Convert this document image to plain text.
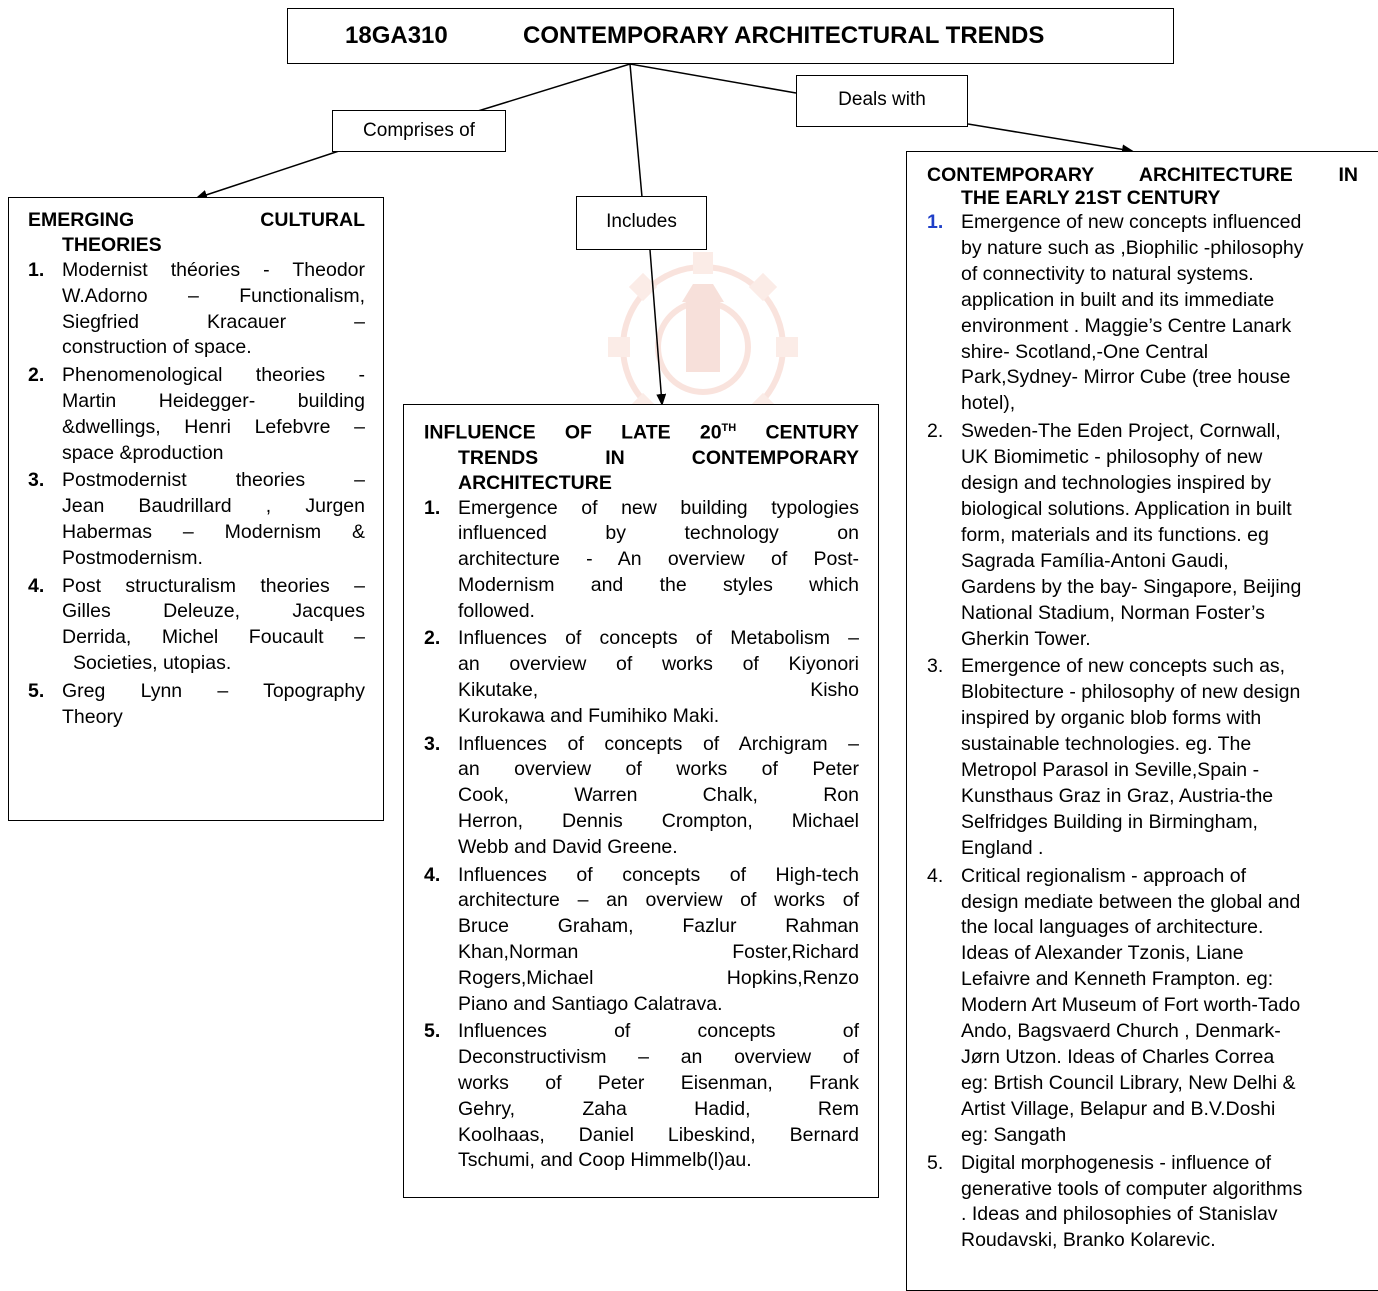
18GA310	CONTEMPORARY ARCHITECTURAL TRENDS
Comprises of
Includes
Deals with
EMERGING CULTURAL
THEORIES
1. Modernist théories - Theodor
W.Adorno – Functionalism,
Siegfried Kracauer –
construction of space.
2. Phenomenological theories -
Martin Heidegger- building
&dwellings, Henri Lefebvre –
space &production
3. Postmodernist theories –
Jean Baudrillard , Jurgen
Habermas – Modernism &
Postmodernism.
4. Post structuralism theories –
Gilles Deleuze, Jacques
Derrida, Michel Foucault –
Societies, utopias.
5. Greg Lynn – Topography
Theory
INFLUENCE OF LATE 20TH CENTURY
TRENDS IN CONTEMPORARY
ARCHITECTURE
1. Emergence of new building typologies
influenced by technology on
architecture - An overview of Post-
Modernism and the styles which
followed.
2. Influences of concepts of Metabolism –
an overview of works of Kiyonori
Kikutake, Kisho
Kurokawa and Fumihiko Maki.
3. Influences of concepts of Archigram –
an overview of works of Peter
Cook, Warren Chalk, Ron
Herron, Dennis Crompton, Michael
Webb and David Greene.
4. Influences of concepts of High-tech
architecture – an overview of works of
Bruce Graham, Fazlur Rahman
Khan,Norman Foster,Richard
Rogers,Michael Hopkins,Renzo
Piano and Santiago Calatrava.
5. Influences of concepts of
Deconstructivism – an overview of
works of Peter Eisenman, Frank
Gehry, Zaha Hadid, Rem
Koolhaas, Daniel Libeskind, Bernard
Tschumi, and Coop Himmelb(l)au.
CONTEMPORARY ARCHITECTURE IN
THE EARLY 21ST CENTURY
1. Emergence of new concepts influenced
by nature such as ,Biophilic -philosophy
of connectivity to natural systems.
application in built and its immediate
environment . Maggie’s Centre Lanark
shire- Scotland,-One Central
Park,Sydney- Mirror Cube (tree house
hotel),
2. Sweden-The Eden Project, Cornwall,
UK Biomimetic - philosophy of new
design and technologies inspired by
biological solutions. Application in built
form, materials and its functions. eg
Sagrada Família-Antoni Gaudi,
Gardens by the bay- Singapore, Beijing
National Stadium, Norman Foster’s
Gherkin Tower.
3. Emergence of new concepts such as,
Blobitecture - philosophy of new design
inspired by organic blob forms with
sustainable technologies. eg. The
Metropol Parasol in Seville,Spain -
Kunsthaus Graz in Graz, Austria-the
Selfridges Building in Birmingham,
England .
4. Critical regionalism - approach of
design mediate between the global and
the local languages of architecture.
Ideas of Alexander Tzonis, Liane
Lefaivre and Kenneth Frampton. eg:
Modern Art Museum of Fort worth-Tado
Ando, Bagsvaerd Church , Denmark-
Jørn Utzon. Ideas of Charles Correa
eg: Brtish Council Library, New Delhi &
Artist Village, Belapur and B.V.Doshi
eg: Sangath
5. Digital morphogenesis - influence of
generative tools of computer algorithms
. Ideas and philosophies of Stanislav
Roudavski, Branko Kolarevic.
